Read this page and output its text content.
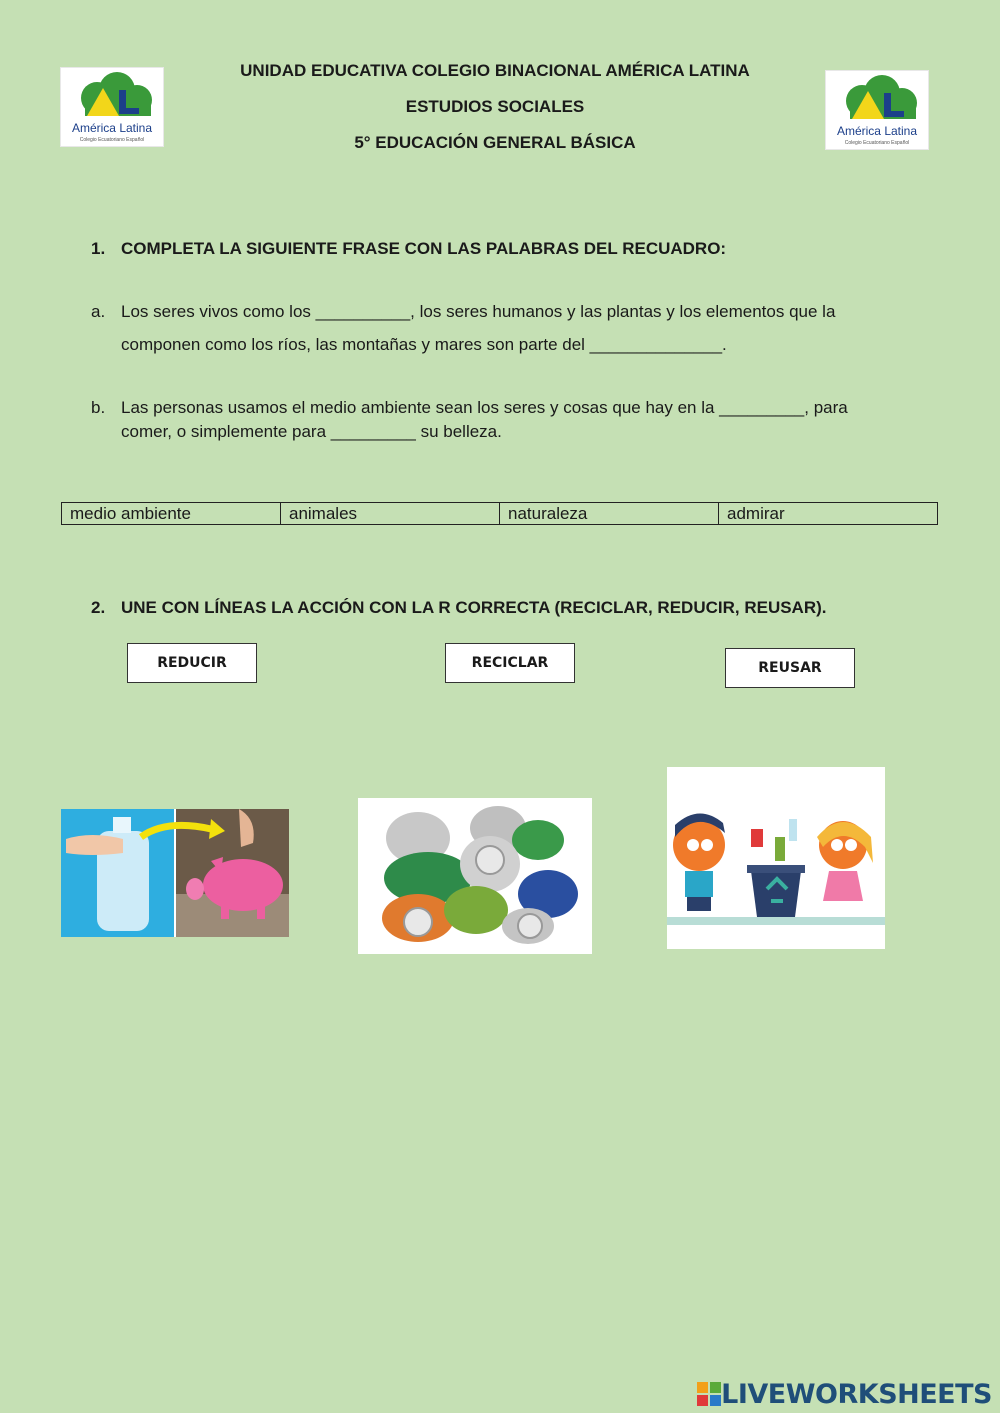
América Latina
Colegio Ecuatoriano Español
América Latina
Colegio Ecuatoriano Español
UNIDAD EDUCATIVA COLEGIO BINACIONAL AMÉRICA LATINA
ESTUDIOS SOCIALES
5° EDUCACIÓN GENERAL BÁSICA
1. COMPLETA LA SIGUIENTE FRASE CON LAS PALABRAS DEL RECUADRO:
a. Los seres vivos como los __________, los seres humanos y las plantas y los elementos que la
componen como los ríos, las montañas y mares son parte del ______________.
b. Las personas usamos el medio ambiente sean los seres y cosas que hay en la _________, para
comer, o simplemente para _________ su belleza.
medio ambiente	animales	naturaleza	admirar
2. UNE CON LÍNEAS LA ACCIÓN CON LA R CORRECTA (RECICLAR, REDUCIR, REUSAR).
REDUCIR	RECICLAR	REUSAR
LIVEWORKSHEETS
